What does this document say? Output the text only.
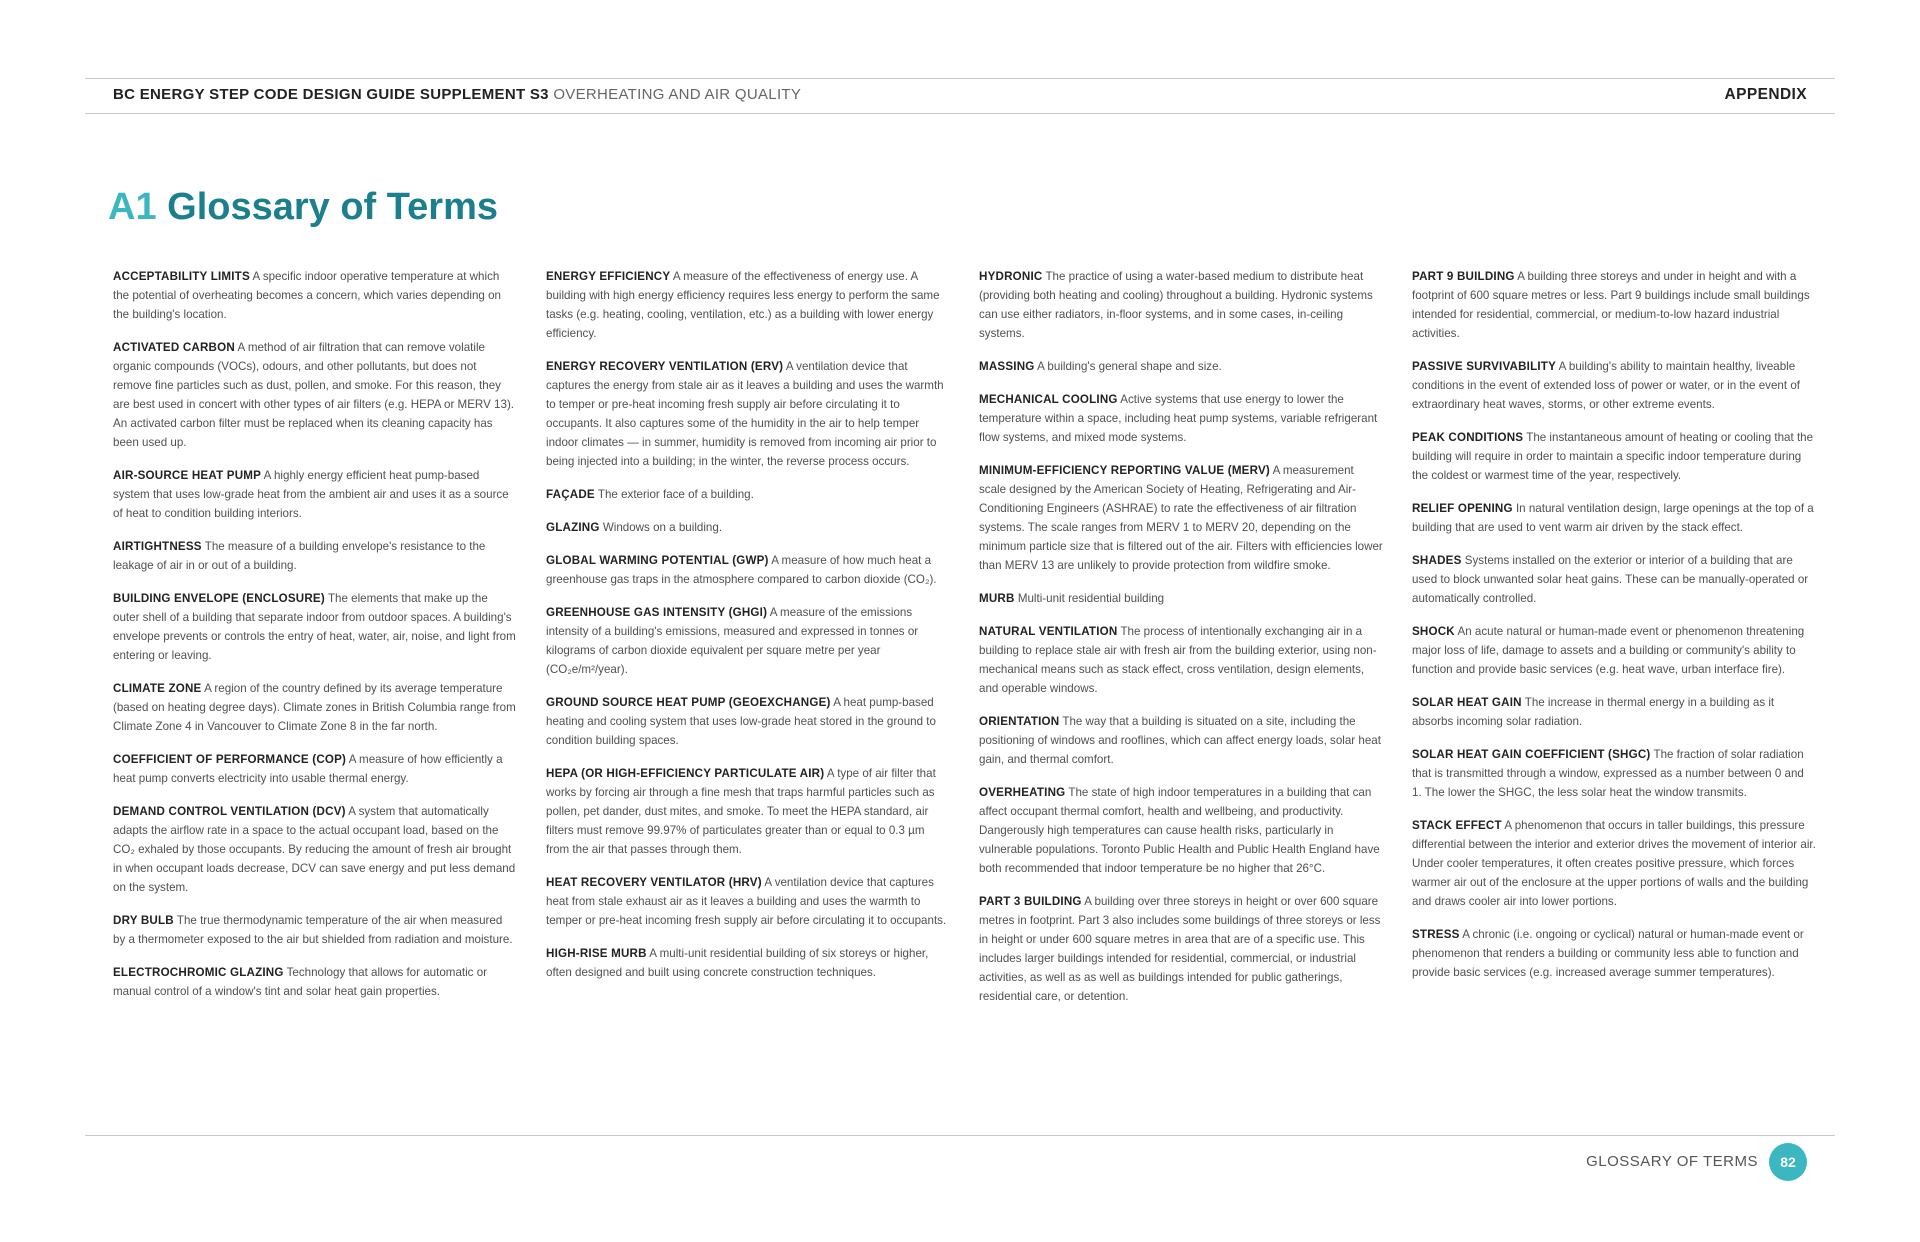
BC ENERGY STEP CODE DESIGN GUIDE SUPPLEMENT S3 OVERHEATING AND AIR QUALITY	APPENDIX
A1 Glossary of Terms

ACCEPTABILITY LIMITS A specific indoor operative temperature at which the potential of overheating becomes a concern, which varies depending on the building's location.

ACTIVATED CARBON A method of air filtration that can remove volatile organic compounds (VOCs), odours, and other pollutants, but does not remove fine particles such as dust, pollen, and smoke. For this reason, they are best used in concert with other types of air filters (e.g. HEPA or MERV 13). An activated carbon filter must be replaced when its cleaning capacity has been used up.

AIR-SOURCE HEAT PUMP A highly energy efficient heat pump-based system that uses low-grade heat from the ambient air and uses it as a source of heat to condition building interiors.

AIRTIGHTNESS The measure of a building envelope's resistance to the leakage of air in or out of a building.

BUILDING ENVELOPE (ENCLOSURE) The elements that make up the outer shell of a building that separate indoor from outdoor spaces. A building's envelope prevents or controls the entry of heat, water, air, noise, and light from entering or leaving.

CLIMATE ZONE A region of the country defined by its average temperature (based on heating degree days). Climate zones in British Columbia range from Climate Zone 4 in Vancouver to Climate Zone 8 in the far north.

COEFFICIENT OF PERFORMANCE (COP) A measure of how efficiently a heat pump converts electricity into usable thermal energy.

DEMAND CONTROL VENTILATION (DCV) A system that automatically adapts the airflow rate in a space to the actual occupant load, based on the CO₂ exhaled by those occupants. By reducing the amount of fresh air brought in when occupant loads decrease, DCV can save energy and put less demand on the system.

DRY BULB The true thermodynamic temperature of the air when measured by a thermometer exposed to the air but shielded from radiation and moisture.

ELECTROCHROMIC GLAZING Technology that allows for automatic or manual control of a window's tint and solar heat gain properties.

ENERGY EFFICIENCY A measure of the effectiveness of energy use. A building with high energy efficiency requires less energy to perform the same tasks (e.g. heating, cooling, ventilation, etc.) as a building with lower energy efficiency.

ENERGY RECOVERY VENTILATION (ERV) A ventilation device that captures the energy from stale air as it leaves a building and uses the warmth to temper or pre-heat incoming fresh supply air before circulating it to occupants. It also captures some of the humidity in the air to help temper indoor climates — in summer, humidity is removed from incoming air prior to being injected into a building; in the winter, the reverse process occurs.

FAÇADE The exterior face of a building.

GLAZING Windows on a building.

GLOBAL WARMING POTENTIAL (GWP) A measure of how much heat a greenhouse gas traps in the atmosphere compared to carbon dioxide (CO₂).

GREENHOUSE GAS INTENSITY (GHGI) A measure of the emissions intensity of a building's emissions, measured and expressed in tonnes or kilograms of carbon dioxide equivalent per square metre per year (CO₂e/m²/year).

GROUND SOURCE HEAT PUMP (GEOEXCHANGE) A heat pump-based heating and cooling system that uses low-grade heat stored in the ground to condition building spaces.

HEPA (OR HIGH-EFFICIENCY PARTICULATE AIR) A type of air filter that works by forcing air through a fine mesh that traps harmful particles such as pollen, pet dander, dust mites, and smoke. To meet the HEPA standard, air filters must remove 99.97% of particulates greater than or equal to 0.3 µm from the air that passes through them.

HEAT RECOVERY VENTILATOR (HRV) A ventilation device that captures heat from stale exhaust air as it leaves a building and uses the warmth to temper or pre-heat incoming fresh supply air before circulating it to occupants.

HIGH-RISE MURB A multi-unit residential building of six storeys or higher, often designed and built using concrete construction techniques.

HYDRONIC The practice of using a water-based medium to distribute heat (providing both heating and cooling) throughout a building. Hydronic systems can use either radiators, in-floor systems, and in some cases, in-ceiling systems.

MASSING A building's general shape and size.

MECHANICAL COOLING Active systems that use energy to lower the temperature within a space, including heat pump systems, variable refrigerant flow systems, and mixed mode systems.

MINIMUM-EFFICIENCY REPORTING VALUE (MERV) A measurement scale designed by the American Society of Heating, Refrigerating and Air-Conditioning Engineers (ASHRAE) to rate the effectiveness of air filtration systems. The scale ranges from MERV 1 to MERV 20, depending on the minimum particle size that is filtered out of the air. Filters with efficiencies lower than MERV 13 are unlikely to provide protection from wildfire smoke.

MURB Multi-unit residential building

NATURAL VENTILATION The process of intentionally exchanging air in a building to replace stale air with fresh air from the building exterior, using non-mechanical means such as stack effect, cross ventilation, design elements, and operable windows.

ORIENTATION The way that a building is situated on a site, including the positioning of windows and rooflines, which can affect energy loads, solar heat gain, and thermal comfort.

OVERHEATING The state of high indoor temperatures in a building that can affect occupant thermal comfort, health and wellbeing, and productivity. Dangerously high temperatures can cause health risks, particularly in vulnerable populations. Toronto Public Health and Public Health England have both recommended that indoor temperature be no higher that 26°C.

PART 3 BUILDING A building over three storeys in height or over 600 square metres in footprint. Part 3 also includes some buildings of three storeys or less in height or under 600 square metres in area that are of a specific use. This includes larger buildings intended for residential, commercial, or industrial activities, as well as as well as buildings intended for public gatherings, residential care, or detention.

PART 9 BUILDING A building three storeys and under in height and with a footprint of 600 square metres or less. Part 9 buildings include small buildings intended for residential, commercial, or medium-to-low hazard industrial activities.

PASSIVE SURVIVABILITY A building's ability to maintain healthy, liveable conditions in the event of extended loss of power or water, or in the event of extraordinary heat waves, storms, or other extreme events.

PEAK CONDITIONS The instantaneous amount of heating or cooling that the building will require in order to maintain a specific indoor temperature during the coldest or warmest time of the year, respectively.

RELIEF OPENING In natural ventilation design, large openings at the top of a building that are used to vent warm air driven by the stack effect.

SHADES Systems installed on the exterior or interior of a building that are used to block unwanted solar heat gains. These can be manually-operated or automatically controlled.

SHOCK An acute natural or human-made event or phenomenon threatening major loss of life, damage to assets and a building or community's ability to function and provide basic services (e.g. heat wave, urban interface fire).

SOLAR HEAT GAIN The increase in thermal energy in a building as it absorbs incoming solar radiation.

SOLAR HEAT GAIN COEFFICIENT (SHGC) The fraction of solar radiation that is transmitted through a window, expressed as a number between 0 and 1. The lower the SHGC, the less solar heat the window transmits.

STACK EFFECT A phenomenon that occurs in taller buildings, this pressure differential between the interior and exterior drives the movement of interior air. Under cooler temperatures, it often creates positive pressure, which forces warmer air out of the enclosure at the upper portions of walls and the building and draws cooler air into lower portions.

STRESS A chronic (i.e. ongoing or cyclical) natural or human-made event or phenomenon that renders a building or community less able to function and provide basic services (e.g. increased average summer temperatures).

GLOSSARY OF TERMS	82
